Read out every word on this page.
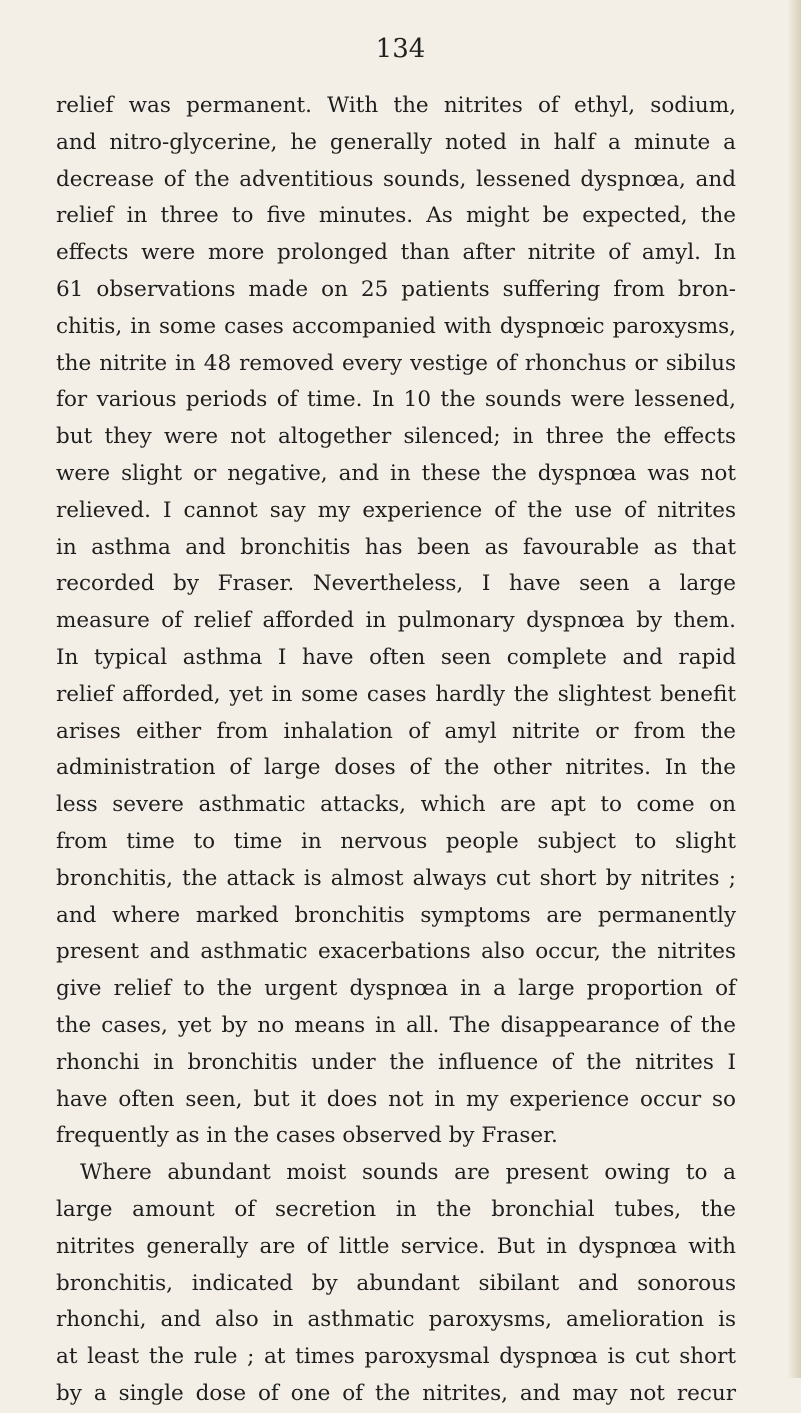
134
relief was permanent. With the nitrites of ethyl, sodium,
and nitro-glycerine, he generally noted in half a minute a
decrease of the adventitious sounds, lessened dyspnœa, and
relief in three to five minutes. As might be expected, the
effects were more prolonged than after nitrite of amyl. In
61 observations made on 25 patients suffering from bron-
chitis, in some cases accompanied with dyspnœic paroxysms,
the nitrite in 48 removed every vestige of rhonchus or sibilus
for various periods of time. In 10 the sounds were lessened,
but they were not altogether silenced; in three the effects
were slight or negative, and in these the dyspnœa was not
relieved. I cannot say my experience of the use of nitrites
in asthma and bronchitis has been as favourable as that
recorded by Fraser. Nevertheless, I have seen a large
measure of relief afforded in pulmonary dyspnœa by them.
In typical asthma I have often seen complete and rapid
relief afforded, yet in some cases hardly the slightest benefit
arises either from inhalation of amyl nitrite or from the
administration of large doses of the other nitrites. In the
less severe asthmatic attacks, which are apt to come on
from time to time in nervous people subject to slight
bronchitis, the attack is almost always cut short by nitrites ;
and where marked bronchitis symptoms are permanently
present and asthmatic exacerbations also occur, the nitrites
give relief to the urgent dyspnœa in a large proportion of
the cases, yet by no means in all. The disappearance of the
rhonchi in bronchitis under the influence of the nitrites I
have often seen, but it does not in my experience occur so
frequently as in the cases observed by Fraser.
Where abundant moist sounds are present owing to a
large amount of secretion in the bronchial tubes, the
nitrites generally are of little service. But in dyspnœa with
bronchitis, indicated by abundant sibilant and sonorous
rhonchi, and also in asthmatic paroxysms, amelioration is
at least the rule ; at times paroxysmal dyspnœa is cut short
by a single dose of one of the nitrites, and may not recur
